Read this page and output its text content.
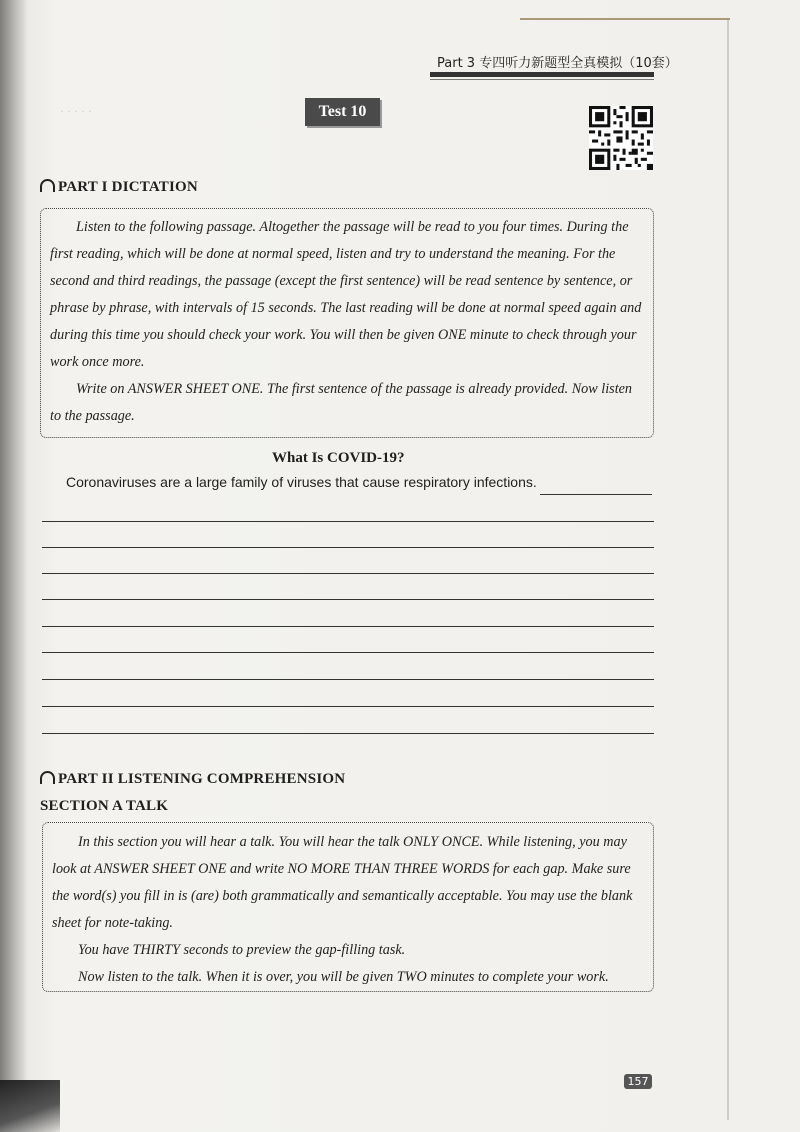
· · · · ·
Part 3 专四听力新题型全真模拟（10套）
Test 10
PART I DICTATION

Listen to the following passage. Altogether the passage will be read to you four times. During the first reading, which will be done at normal speed, listen and try to understand the meaning. For the second and third readings, the passage (except the first sentence) will be read sentence by sentence, or phrase by phrase, with intervals of 15 seconds. The last reading will be done at normal speed again and during this time you should check your work. You will then be given ONE minute to check through your work once more.

Write on ANSWER SHEET ONE. The first sentence of the passage is already provided. Now listen to the passage.

What Is COVID-19?
Coronaviruses are a large family of viruses that cause respiratory infections.
PART II LISTENING COMPREHENSION
SECTION A TALK

In this section you will hear a talk. You will hear the talk ONLY ONCE. While listening, you may look at ANSWER SHEET ONE and write NO MORE THAN THREE WORDS for each gap. Make sure the word(s) you fill in is (are) both grammatically and semantically acceptable. You may use the blank sheet for note-taking.

You have THIRTY seconds to preview the gap-filling task.

Now listen to the talk. When it is over, you will be given TWO minutes to complete your work.

157
